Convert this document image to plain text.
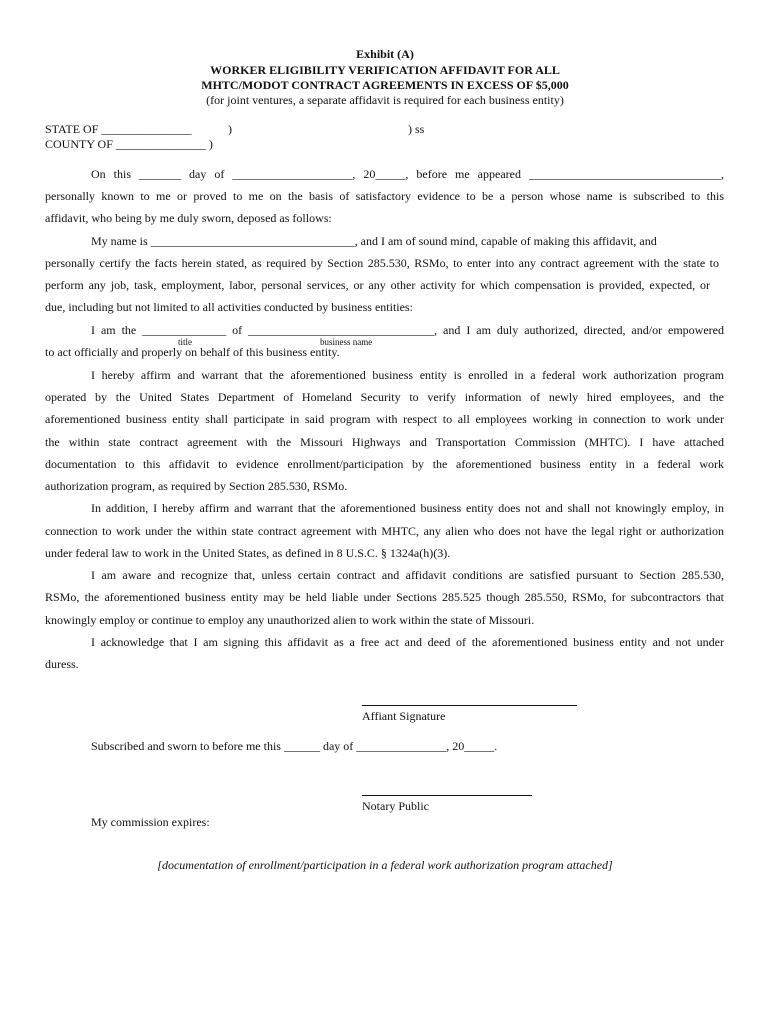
Exhibit (A)
WORKER ELIGIBILITY VERIFICATION AFFIDAVIT FOR ALL
MHTC/MODOT CONTRACT AGREEMENTS IN EXCESS OF $5,000
(for joint ventures, a separate affidavit is required for each business entity)
STATE OF _______________	)	) ss
COUNTY OF _______________ )
On this _______ day of ____________________, 20_____, before me appeared ________________________________,
personally known to me or proved to me on the basis of satisfactory evidence to be a person whose name is subscribed to this
affidavit, who being by me duly sworn, deposed as follows:
My name is __________________________________, and I am of sound mind, capable of making this affidavit, and
personally certify the facts herein stated, as required by Section 285.530, RSMo, to enter into any contract agreement with the state to
perform any job, task, employment, labor, personal services, or any other activity for which compensation is provided, expected, or
due, including but not limited to all activities conducted by business entities:
I am the ______________ of _______________________________, and I am duly authorized, directed, and/or empowered
title	business name
to act officially and properly on behalf of this business entity.
I hereby affirm and warrant that the aforementioned business entity is enrolled in a federal work authorization program
operated by the United States Department of Homeland Security to verify information of newly hired employees, and the
aforementioned business entity shall participate in said program with respect to all employees working in connection to work under
the within state contract agreement with the Missouri Highways and Transportation Commission (MHTC). I have attached
documentation to this affidavit to evidence enrollment/participation by the aforementioned business entity in a federal work
authorization program, as required by Section 285.530, RSMo.
In addition, I hereby affirm and warrant that the aforementioned business entity does not and shall not knowingly employ, in
connection to work under the within state contract agreement with MHTC, any alien who does not have the legal right or authorization
under federal law to work in the United States, as defined in 8 U.S.C. § 1324a(h)(3).
I am aware and recognize that, unless certain contract and affidavit conditions are satisfied pursuant to Section 285.530,
RSMo, the aforementioned business entity may be held liable under Sections 285.525 though 285.550, RSMo, for subcontractors that
knowingly employ or continue to employ any unauthorized alien to work within the state of Missouri.
I acknowledge that I am signing this affidavit as a free act and deed of the aforementioned business entity and not under
duress.
Affiant Signature
Subscribed and sworn to before me this ______ day of _______________, 20_____.
Notary Public
My commission expires:
[documentation of enrollment/participation in a federal work authorization program attached]
